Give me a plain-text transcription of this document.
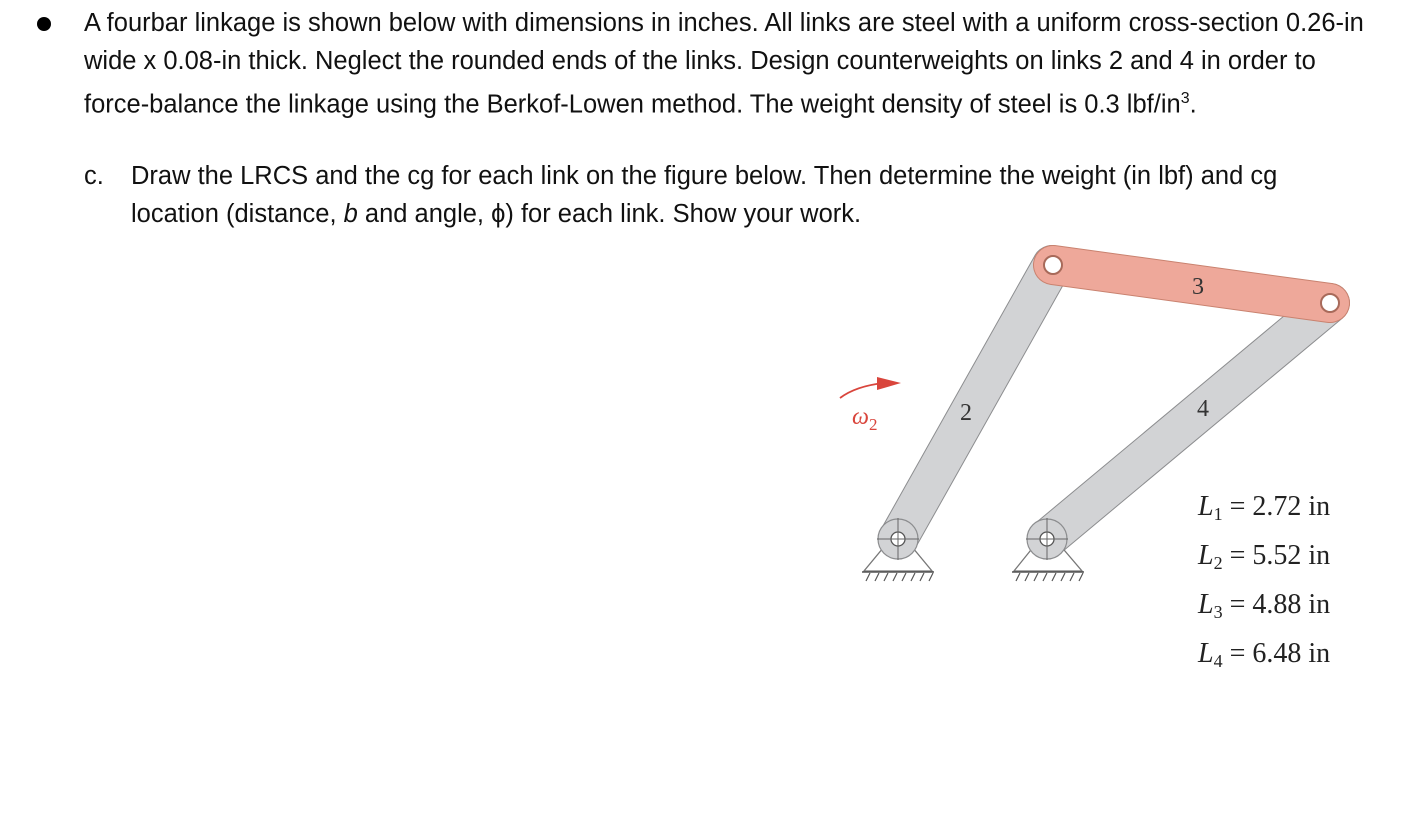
A fourbar linkage is shown below with dimensions in inches. All links are steel with a uniform cross-section 0.26-in wide x 0.08-in thick. Neglect the rounded ends of the links. Design counterweights on links 2 and 4 in order to force-balance the linkage using the Berkof-Lowen method. The weight density of steel is 0.3 lbf/$in^3$.

c. Draw the LRCS and the cg for each link on the figure below. Then determine the weight (in lbf) and cg location (distance, b and angle, ϕ) for each link. Show your work.

$\omega_2$	2
3
4
$L_1 = 2.72$ in
$L_2 = 5.52$ in
$L_3 = 4.88$ in
$L_4 = 6.48$ in
